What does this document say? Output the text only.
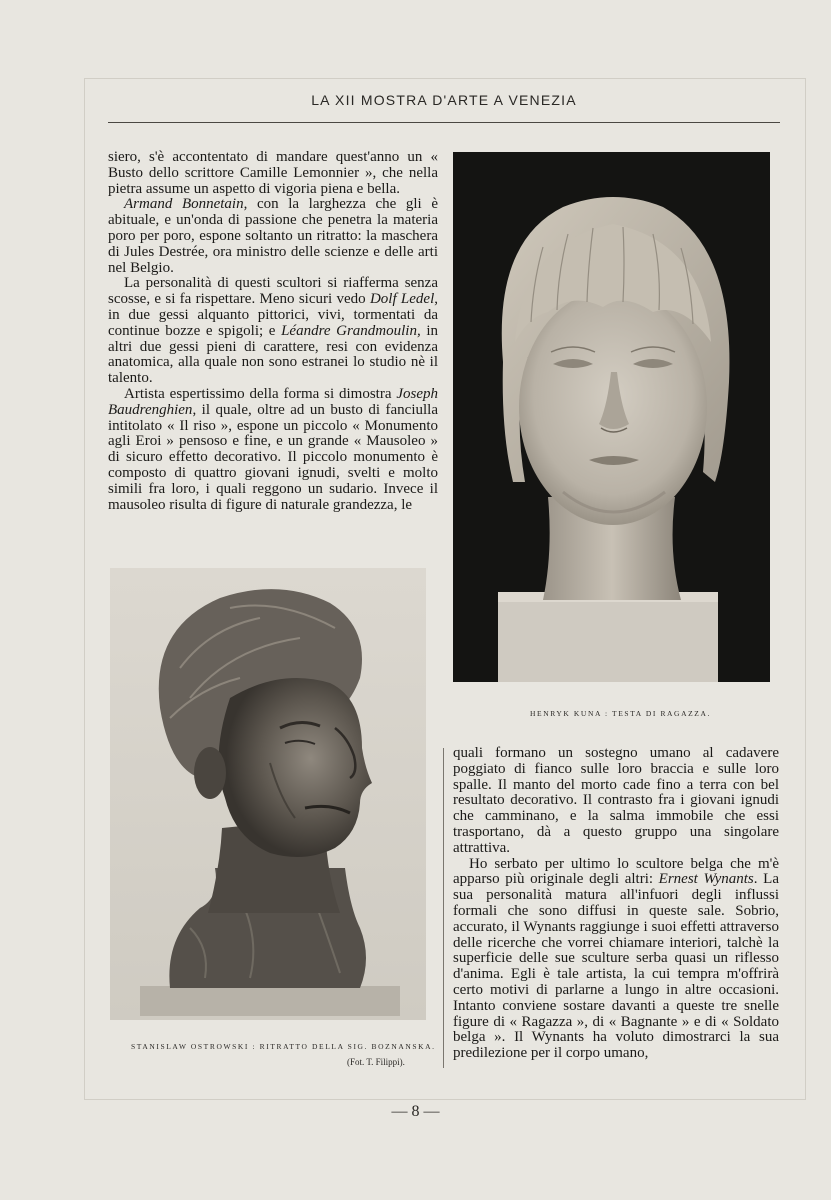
LA XII MOSTRA D'ARTE A VENEZIA

siero, s'è accontentato di mandare quest'anno un « Busto dello scrittore Camille Lemonnier », che nella pietra assume un aspetto di vigoria piena e bella.

Armand Bonnetain, con la larghezza che gli è abituale, e un'onda di passione che penetra la materia poro per poro, espone soltanto un ritratto: la maschera di Jules Destrée, ora ministro delle scienze e delle arti nel Belgio.

La personalità di questi scultori si riafferma senza scosse, e si fa rispettare. Meno sicuri vedo Dolf Ledel, in due gessi alquanto pittorici, vivi, tormentati da continue bozze e spigoli; e Léandre Grandmoulin, in altri due gessi pieni di carattere, resi con evidenza anatomica, alla quale non sono estranei lo studio nè il talento.

Artista espertissimo della forma si dimostra Joseph Baudrenghien, il quale, oltre ad un busto di fanciulla intitolato « Il riso », espone un piccolo « Monumento agli Eroi » pensoso e fine, e un grande « Mausoleo » di sicuro effetto decorativo. Il piccolo monumento è composto di quattro giovani ignudi, svelti e molto simili fra loro, i quali reggono un sudario. Invece il mausoleo risulta di figure di naturale grandezza, le

HENRYK KUNA : TESTA DI RAGAZZA.
STANISLAW OSTROWSKI : RITRATTO DELLA SIG. BOZNANSKA.
(Fot. T. Filippi).

quali formano un sostegno umano al cadavere poggiato di fianco sulle loro braccia e sulle loro spalle. Il manto del morto cade fino a terra con bel resultato decorativo. Il contrasto fra i giovani ignudi che camminano, e la salma immobile che essi trasportano, dà a questo gruppo una singolare attrattiva.

Ho serbato per ultimo lo scultore belga che m'è apparso più originale degli altri: Ernest Wynants. La sua personalità matura all'infuori degli influssi formali che sono diffusi in queste sale. Sobrio, accurato, il Wynants raggiunge i suoi effetti attraverso delle ricerche che vorrei chiamare interiori, talchè la superficie delle sue sculture serba quasi un riflesso d'anima. Egli è tale artista, la cui tempra m'offrirà certo motivi di parlarne a lungo in altre occasioni. Intanto conviene sostare davanti a queste tre snelle figure di « Ragazza », di « Bagnante » e di « Soldato belga ». Il Wynants ha voluto dimostrarci la sua predilezione per il corpo umano,

— 8 —
